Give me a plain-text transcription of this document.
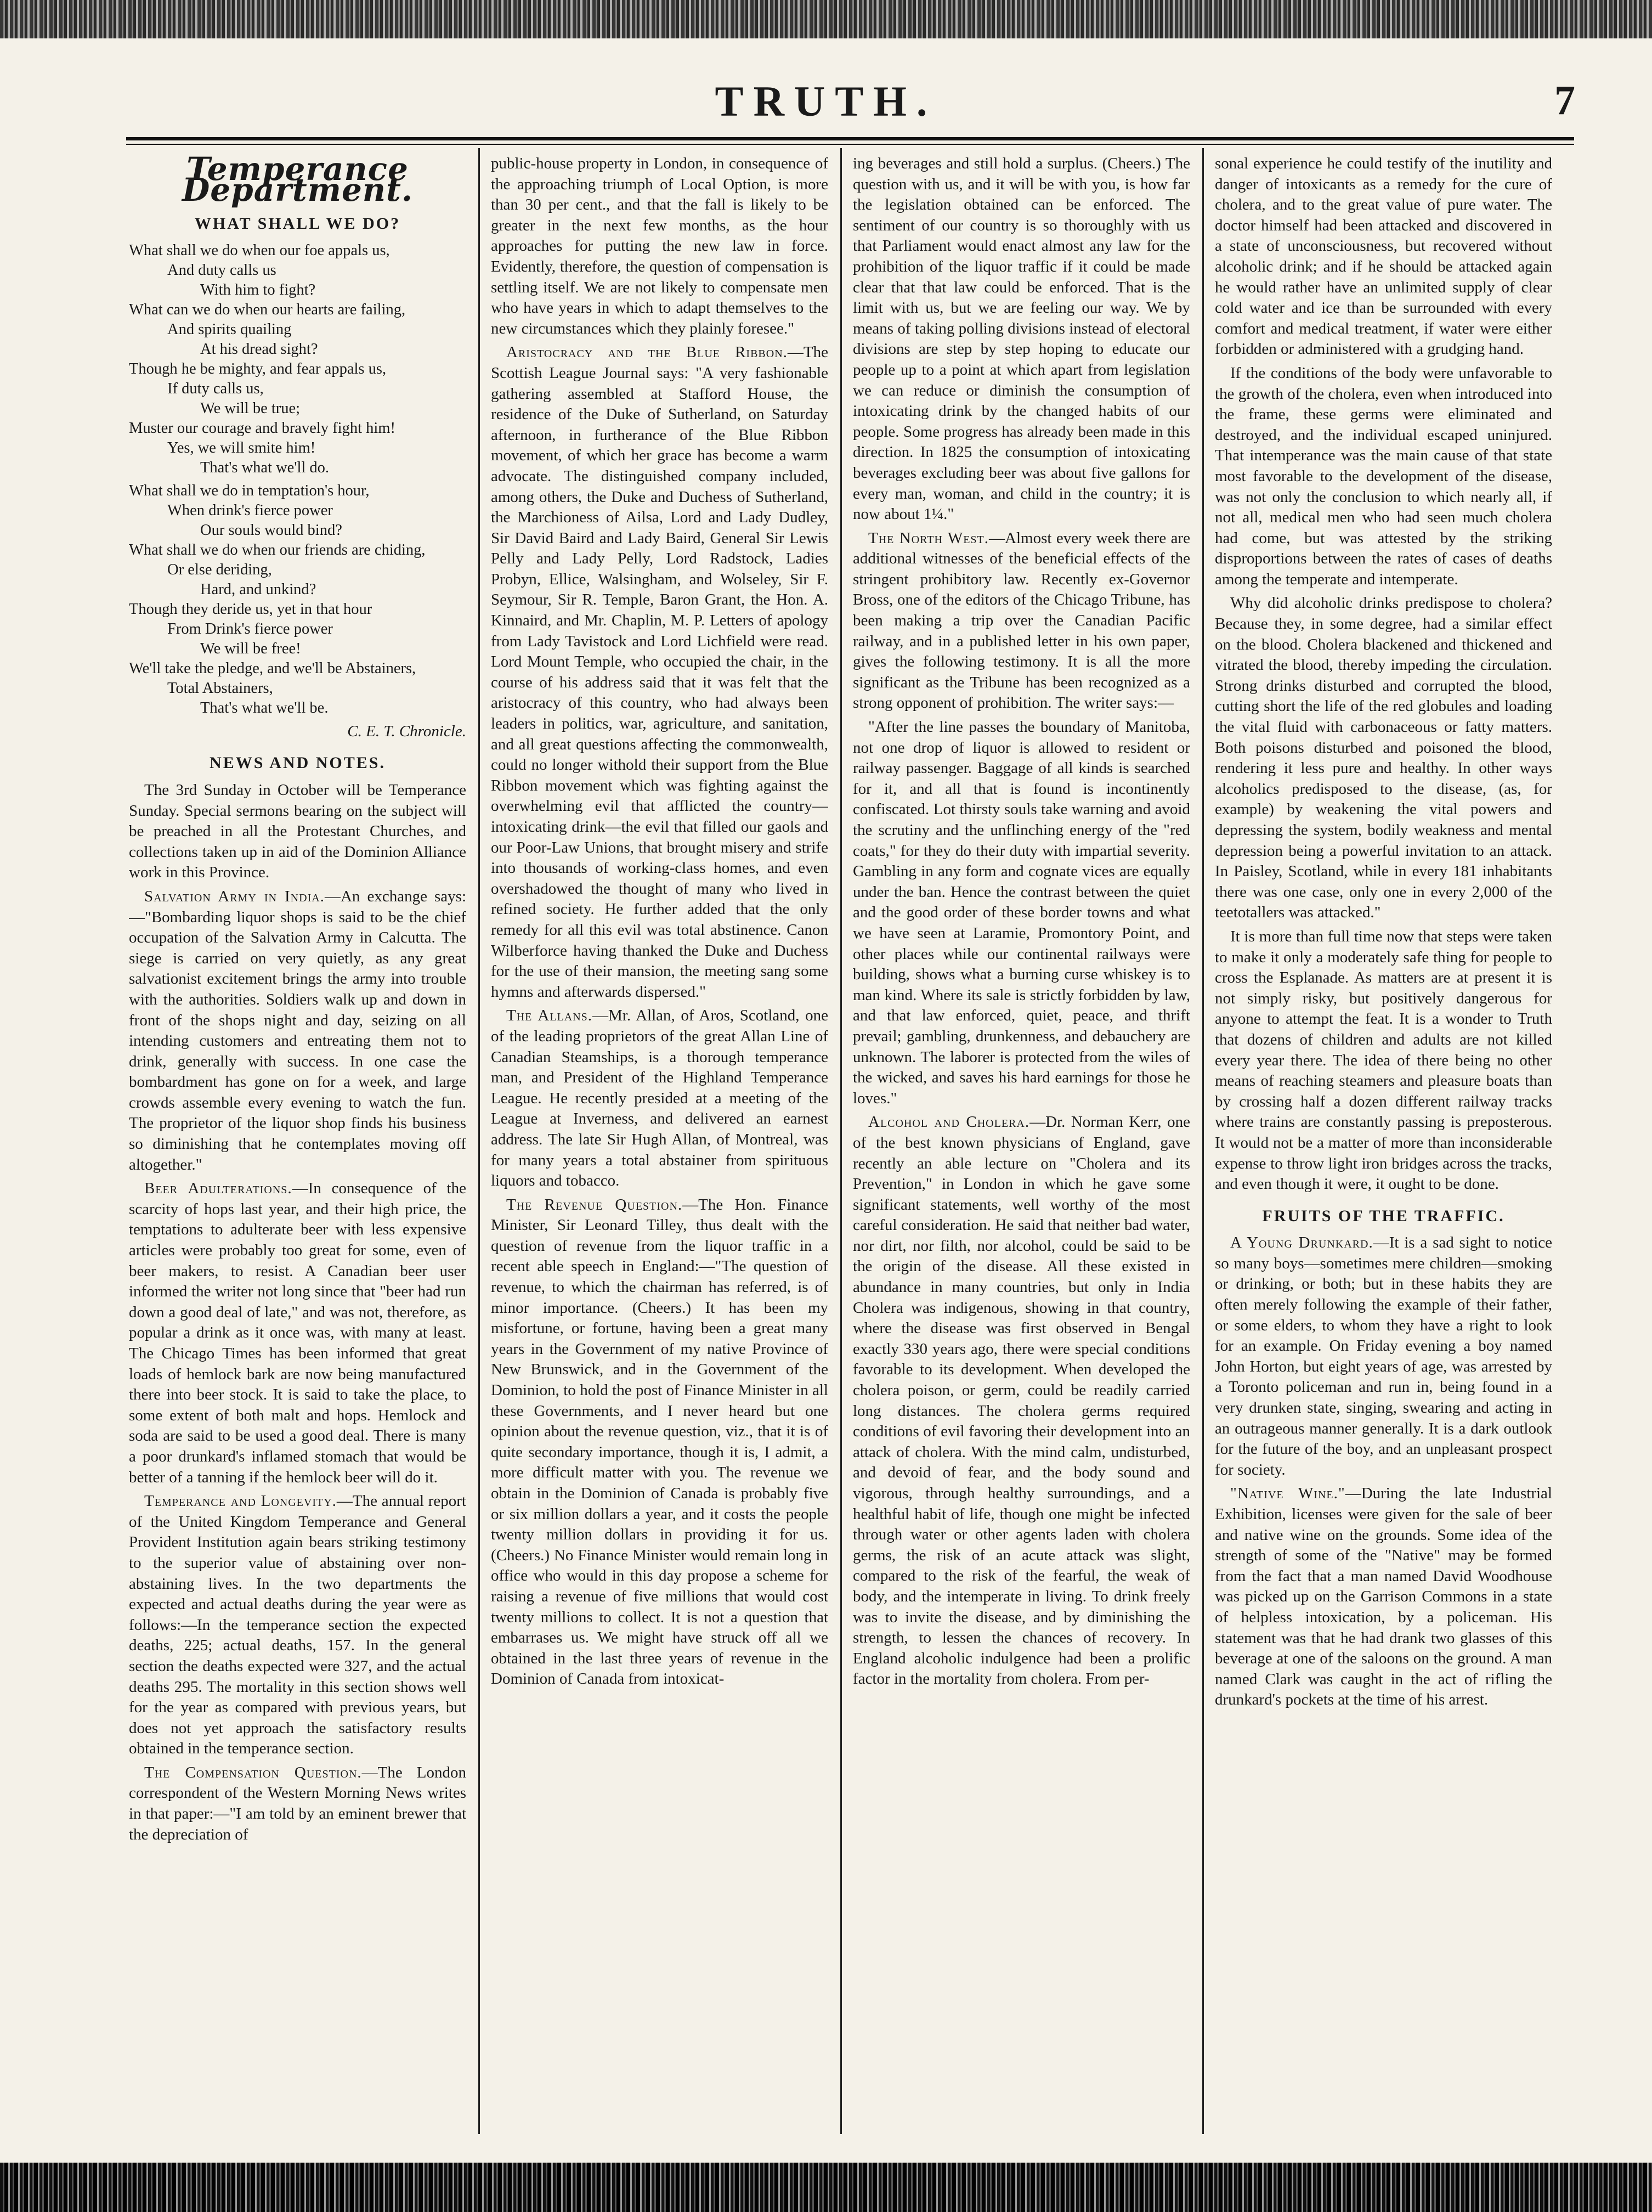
TRUTH.	7
Temperance Department.
WHAT SHALL WE DO?
What shall we do when our foe appals us,
And duty calls us
With him to fight?
What can we do when our hearts are failing,
And spirits quailing
At his dread sight?
Though he be mighty, and fear appals us,
If duty calls us,
We will be true;
Muster our courage and bravely fight him!
Yes, we will smite him!
That's what we'll do.
What shall we do in temptation's hour,
When drink's fierce power
Our souls would bind?
What shall we do when our friends are chiding,
Or else deriding,
Hard, and unkind?
Though they deride us, yet in that hour
From Drink's fierce power
We will be free!
We'll take the pledge, and we'll be Abstainers,
Total Abstainers,
That's what we'll be.
C. E. T. Chronicle.
NEWS AND NOTES.

The 3rd Sunday in October will be Temperance Sunday. Special sermons bearing on the subject will be preached in all the Protestant Churches, and collections taken up in aid of the Dominion Alliance work in this Province.

Salvation Army in India.—An exchange says:—"Bombarding liquor shops is said to be the chief occupation of the Salvation Army in Calcutta. The siege is carried on very quietly, as any great salvationist excitement brings the army into trouble with the authorities. Soldiers walk up and down in front of the shops night and day, seizing on all intending customers and entreating them not to drink, generally with success. In one case the bombardment has gone on for a week, and large crowds assemble every evening to watch the fun. The proprietor of the liquor shop finds his business so diminishing that he contemplates moving off altogether."

Beer Adulterations.—In consequence of the scarcity of hops last year, and their high price, the temptations to adulterate beer with less expensive articles were probably too great for some, even of beer makers, to resist. A Canadian beer user informed the writer not long since that "beer had run down a good deal of late," and was not, therefore, as popular a drink as it once was, with many at least. The Chicago Times has been informed that great loads of hemlock bark are now being manufactured there into beer stock. It is said to take the place, to some extent of both malt and hops. Hemlock and soda are said to be used a good deal. There is many a poor drunkard's inflamed stomach that would be better of a tanning if the hemlock beer will do it.

Temperance and Longevity.—The annual report of the United Kingdom Temperance and General Provident Institution again bears striking testimony to the superior value of abstaining over non-abstaining lives. In the two departments the expected and actual deaths during the year were as follows:—In the temperance section the expected deaths, 225; actual deaths, 157. In the general section the deaths expected were 327, and the actual deaths 295. The mortality in this section shows well for the year as compared with previous years, but does not yet approach the satisfactory results obtained in the temperance section.

The Compensation Question.—The London correspondent of the Western Morning News writes in that paper:—"I am told by an eminent brewer that the depreciation of

public-house property in London, in consequence of the approaching triumph of Local Option, is more than 30 per cent., and that the fall is likely to be greater in the next few months, as the hour approaches for putting the new law in force. Evidently, therefore, the question of compensation is settling itself. We are not likely to compensate men who have years in which to adapt themselves to the new circumstances which they plainly foresee."

Aristocracy and the Blue Ribbon.—The Scottish League Journal says: "A very fashionable gathering assembled at Stafford House, the residence of the Duke of Sutherland, on Saturday afternoon, in furtherance of the Blue Ribbon movement, of which her grace has become a warm advocate. The distinguished company included, among others, the Duke and Duchess of Sutherland, the Marchioness of Ailsa, Lord and Lady Dudley, Sir David Baird and Lady Baird, General Sir Lewis Pelly and Lady Pelly, Lord Radstock, Ladies Probyn, Ellice, Walsingham, and Wolseley, Sir F. Seymour, Sir R. Temple, Baron Grant, the Hon. A. Kinnaird, and Mr. Chaplin, M. P. Letters of apology from Lady Tavistock and Lord Lichfield were read. Lord Mount Temple, who occupied the chair, in the course of his address said that it was felt that the aristocracy of this country, who had always been leaders in politics, war, agriculture, and sanitation, and all great questions affecting the commonwealth, could no longer withold their support from the Blue Ribbon movement which was fighting against the overwhelming evil that afflicted the country—intoxicating drink—the evil that filled our gaols and our Poor-Law Unions, that brought misery and strife into thousands of working-class homes, and even overshadowed the thought of many who lived in refined society. He further added that the only remedy for all this evil was total abstinence. Canon Wilberforce having thanked the Duke and Duchess for the use of their mansion, the meeting sang some hymns and afterwards dispersed."

The Allans.—Mr. Allan, of Aros, Scotland, one of the leading proprietors of the great Allan Line of Canadian Steamships, is a thorough temperance man, and President of the Highland Temperance League. He recently presided at a meeting of the League at Inverness, and delivered an earnest address. The late Sir Hugh Allan, of Montreal, was for many years a total abstainer from spirituous liquors and tobacco.

The Revenue Question.—The Hon. Finance Minister, Sir Leonard Tilley, thus dealt with the question of revenue from the liquor traffic in a recent able speech in England:—"The question of revenue, to which the chairman has referred, is of minor importance. (Cheers.) It has been my misfortune, or fortune, having been a great many years in the Government of my native Province of New Brunswick, and in the Government of the Dominion, to hold the post of Finance Minister in all these Governments, and I never heard but one opinion about the revenue question, viz., that it is of quite secondary importance, though it is, I admit, a more difficult matter with you. The revenue we obtain in the Dominion of Canada is probably five or six million dollars a year, and it costs the people twenty million dollars in providing it for us. (Cheers.) No Finance Minister would remain long in office who would in this day propose a scheme for raising a revenue of five millions that would cost twenty millions to collect. It is not a question that embarrases us. We might have struck off all we obtained in the last three years of revenue in the Dominion of Canada from intoxicat-

ing beverages and still hold a surplus. (Cheers.) The question with us, and it will be with you, is how far the legislation obtained can be enforced. The sentiment of our country is so thoroughly with us that Parliament would enact almost any law for the prohibition of the liquor traffic if it could be made clear that that law could be enforced. That is the limit with us, but we are feeling our way. We by means of taking polling divisions instead of electoral divisions are step by step hoping to educate our people up to a point at which apart from legislation we can reduce or diminish the consumption of intoxicating drink by the changed habits of our people. Some progress has already been made in this direction. In 1825 the consumption of intoxicating beverages excluding beer was about five gallons for every man, woman, and child in the country; it is now about 1¼."

The North West.—Almost every week there are additional witnesses of the beneficial effects of the stringent prohibitory law. Recently ex-Governor Bross, one of the editors of the Chicago Tribune, has been making a trip over the Canadian Pacific railway, and in a published letter in his own paper, gives the following testimony. It is all the more significant as the Tribune has been recognized as a strong opponent of prohibition. The writer says:—

"After the line passes the boundary of Manitoba, not one drop of liquor is allowed to resident or railway passenger. Baggage of all kinds is searched for it, and all that is found is incontinently confiscated. Lot thirsty souls take warning and avoid the scrutiny and the unflinching energy of the "red coats," for they do their duty with impartial severity. Gambling in any form and cognate vices are equally under the ban. Hence the contrast between the quiet and the good order of these border towns and what we have seen at Laramie, Promontory Point, and other places while our continental railways were building, shows what a burning curse whiskey is to man kind. Where its sale is strictly forbidden by law, and that law enforced, quiet, peace, and thrift prevail; gambling, drunkenness, and debauchery are unknown. The laborer is protected from the wiles of the wicked, and saves his hard earnings for those he loves."

Alcohol and Cholera.—Dr. Norman Kerr, one of the best known physicians of England, gave recently an able lecture on "Cholera and its Prevention," in London in which he gave some significant statements, well worthy of the most careful consideration. He said that neither bad water, nor dirt, nor filth, nor alcohol, could be said to be the origin of the disease. All these existed in abundance in many countries, but only in India Cholera was indigenous, showing in that country, where the disease was first observed in Bengal exactly 330 years ago, there were special conditions favorable to its development. When developed the cholera poison, or germ, could be readily carried long distances. The cholera germs required conditions of evil favoring their development into an attack of cholera. With the mind calm, undisturbed, and devoid of fear, and the body sound and vigorous, through healthy surroundings, and a healthful habit of life, though one might be infected through water or other agents laden with cholera germs, the risk of an acute attack was slight, compared to the risk of the fearful, the weak of body, and the intemperate in living. To drink freely was to invite the disease, and by diminishing the strength, to lessen the chances of recovery. In England alcoholic indulgence had been a prolific factor in the mortality from cholera. From per-

sonal experience he could testify of the inutility and danger of intoxicants as a remedy for the cure of cholera, and to the great value of pure water. The doctor himself had been attacked and discovered in a state of unconsciousness, but recovered without alcoholic drink; and if he should be attacked again he would rather have an unlimited supply of clear cold water and ice than be surrounded with every comfort and medical treatment, if water were either forbidden or administered with a grudging hand.

If the conditions of the body were unfavorable to the growth of the cholera, even when introduced into the frame, these germs were eliminated and destroyed, and the individual escaped uninjured. That intemperance was the main cause of that state most favorable to the development of the disease, was not only the conclusion to which nearly all, if not all, medical men who had seen much cholera had come, but was attested by the striking disproportions between the rates of cases of deaths among the temperate and intemperate.

Why did alcoholic drinks predispose to cholera? Because they, in some degree, had a similar effect on the blood. Cholera blackened and thickened and vitrated the blood, thereby impeding the circulation. Strong drinks disturbed and corrupted the blood, cutting short the life of the red globules and loading the vital fluid with carbonaceous or fatty matters. Both poisons disturbed and poisoned the blood, rendering it less pure and healthy. In other ways alcoholics predisposed to the disease, (as, for example) by weakening the vital powers and depressing the system, bodily weakness and mental depression being a powerful invitation to an attack. In Paisley, Scotland, while in every 181 inhabitants there was one case, only one in every 2,000 of the teetotallers was attacked."

It is more than full time now that steps were taken to make it only a moderately safe thing for people to cross the Esplanade. As matters are at present it is not simply risky, but positively dangerous for anyone to attempt the feat. It is a wonder to Truth that dozens of children and adults are not killed every year there. The idea of there being no other means of reaching steamers and pleasure boats than by crossing half a dozen different railway tracks where trains are constantly passing is preposterous. It would not be a matter of more than inconsiderable expense to throw light iron bridges across the tracks, and even though it were, it ought to be done.

FRUITS OF THE TRAFFIC.

A Young Drunkard.—It is a sad sight to notice so many boys—sometimes mere children—smoking or drinking, or both; but in these habits they are often merely following the example of their father, or some elders, to whom they have a right to look for an example. On Friday evening a boy named John Horton, but eight years of age, was arrested by a Toronto policeman and run in, being found in a very drunken state, singing, swearing and acting in an outrageous manner generally. It is a dark outlook for the future of the boy, and an unpleasant prospect for society.

"Native Wine."—During the late Industrial Exhibition, licenses were given for the sale of beer and native wine on the grounds. Some idea of the strength of some of the "Native" may be formed from the fact that a man named David Woodhouse was picked up on the Garrison Commons in a state of helpless intoxication, by a policeman. His statement was that he had drank two glasses of this beverage at one of the saloons on the ground. A man named Clark was caught in the act of rifling the drunkard's pockets at the time of his arrest.
